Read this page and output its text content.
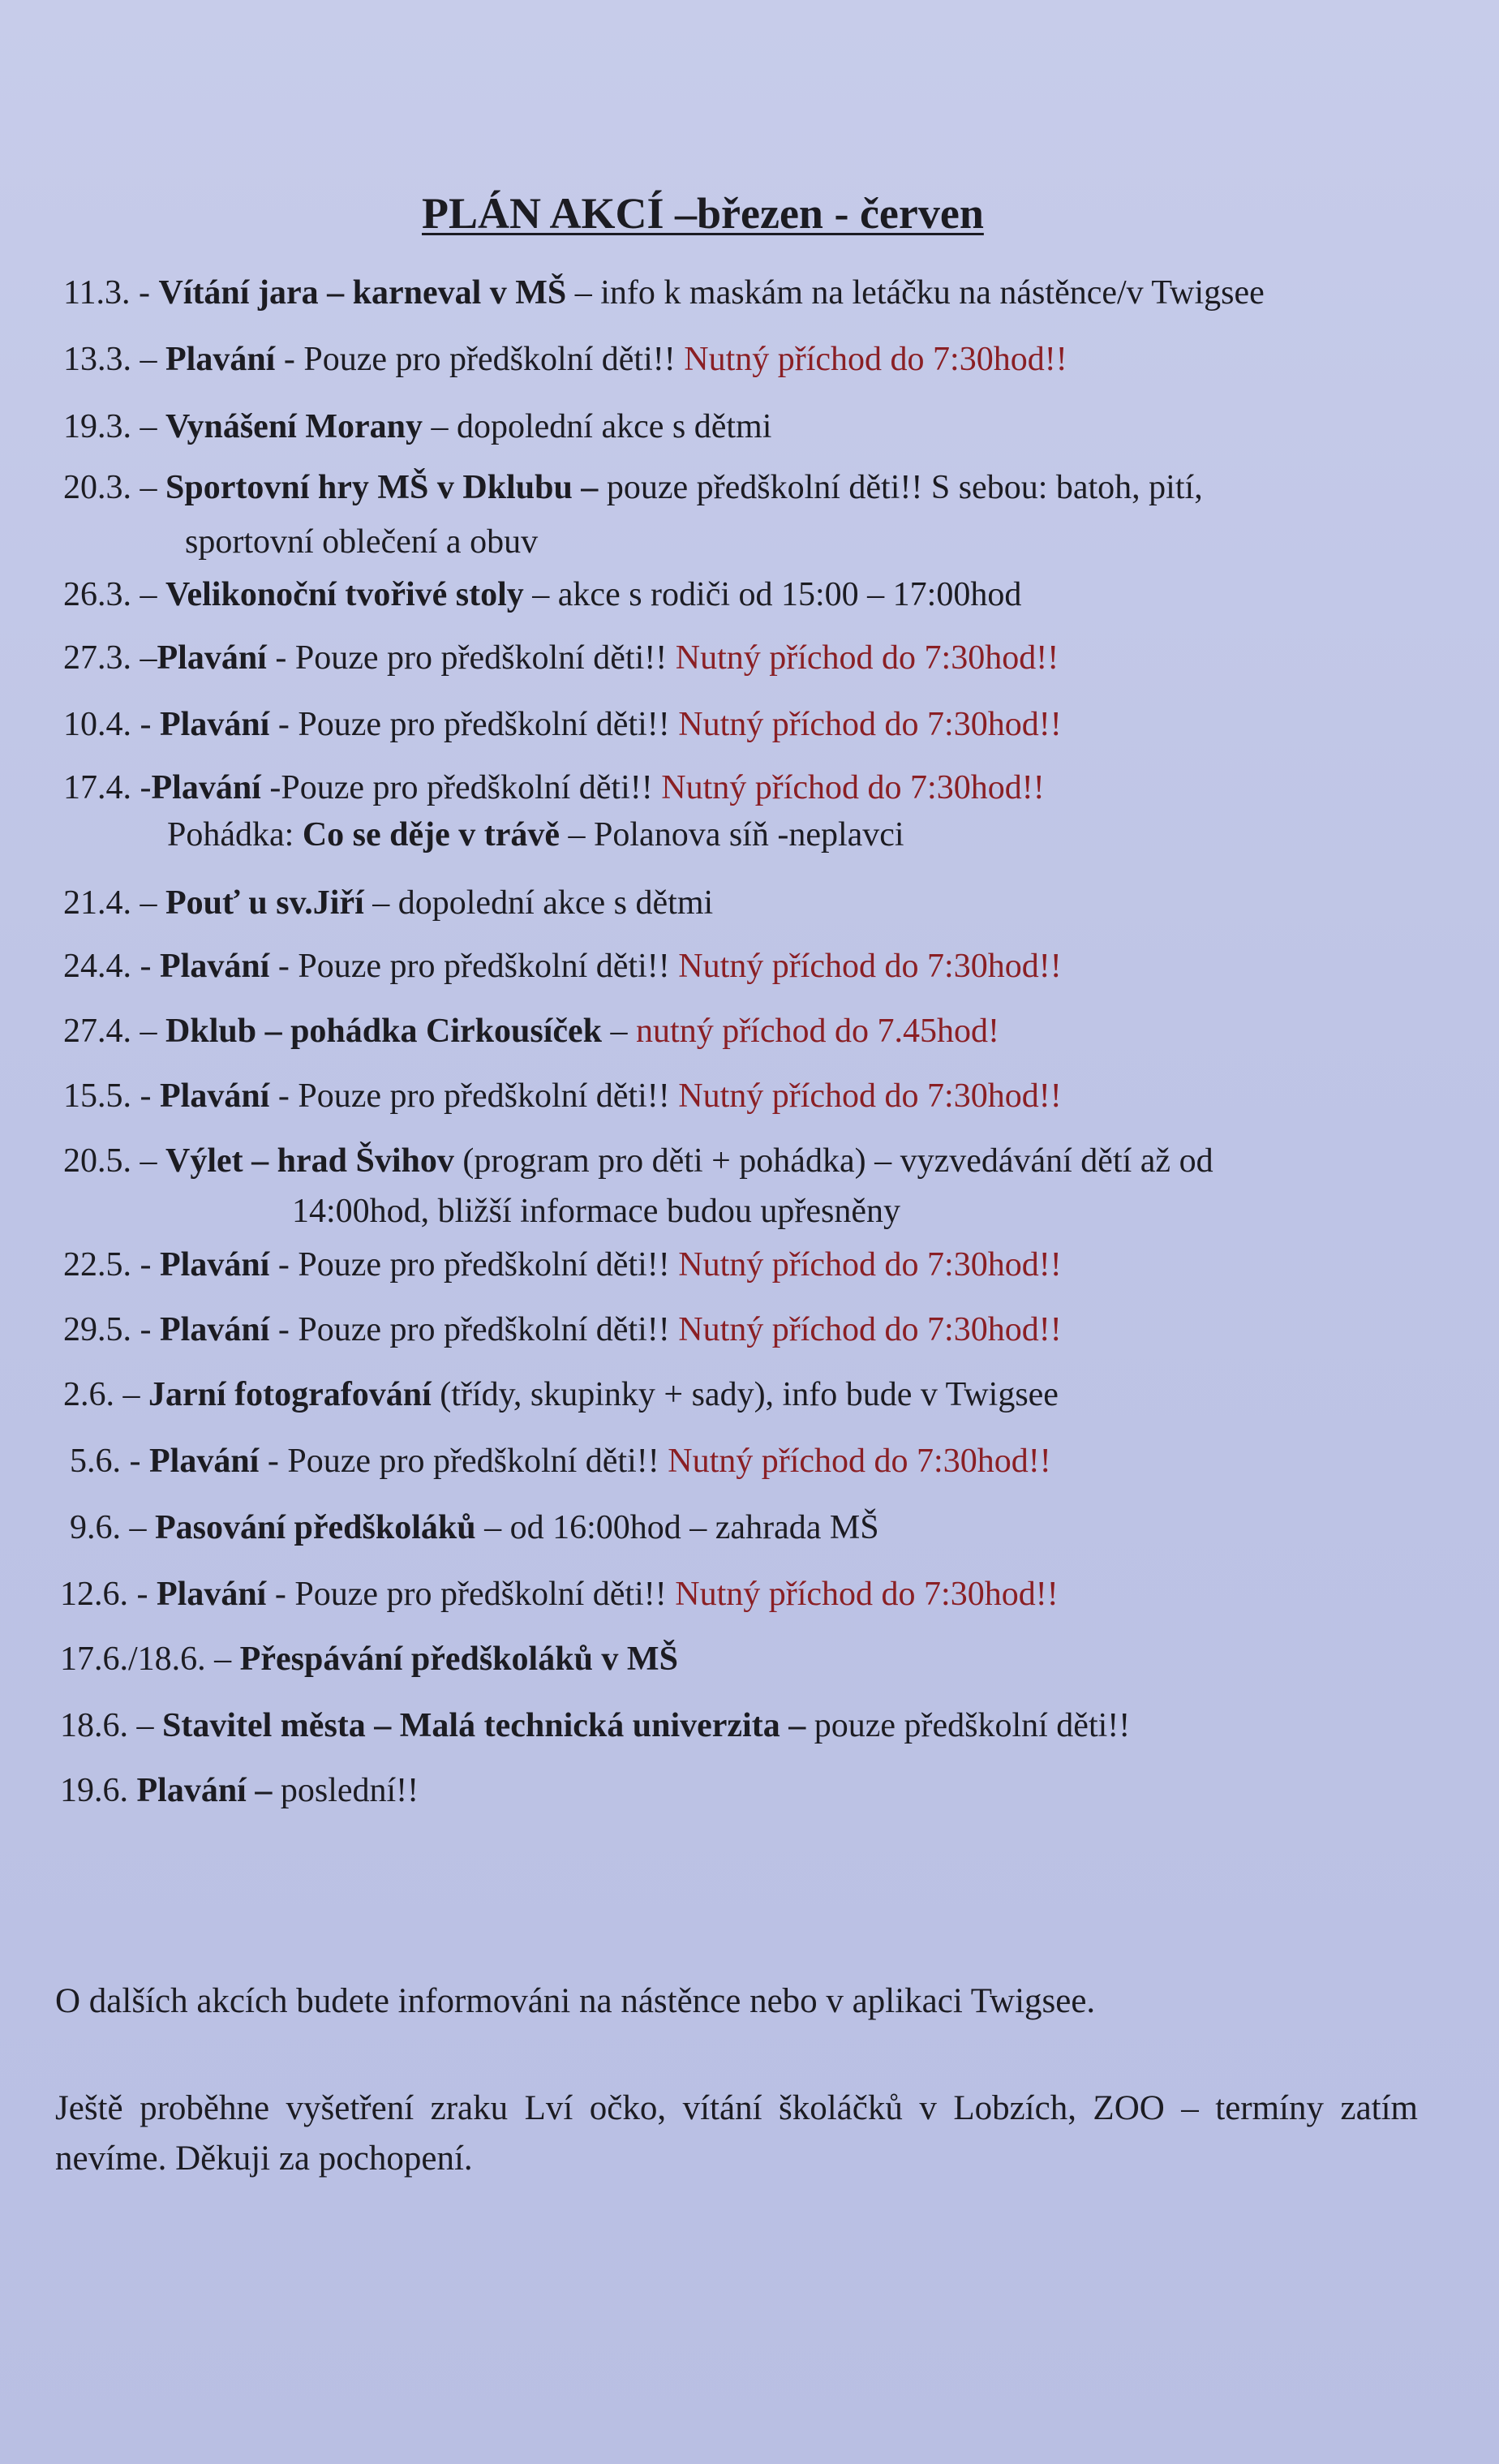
PLÁN AKCÍ –březen - červen
11.3. - Vítání jara – karneval v MŠ – info k maskám na letáčku na nástěnce/v Twigsee
13.3. – Plavání - Pouze pro předškolní děti!! Nutný příchod do 7:30hod!!
19.3. – Vynášení Morany – dopolední akce s dětmi
20.3. – Sportovní hry MŠ v Dklubu – pouze předškolní děti!! S sebou: batoh, pití,
sportovní oblečení a obuv
26.3. – Velikonoční tvořivé stoly – akce s rodiči od 15:00 – 17:00hod
27.3. –Plavání - Pouze pro předškolní děti!! Nutný příchod do 7:30hod!!
10.4. - Plavání - Pouze pro předškolní děti!! Nutný příchod do 7:30hod!!
17.4. -Plavání -Pouze pro předškolní děti!! Nutný příchod do 7:30hod!!
Pohádka: Co se děje v trávě – Polanova síň -neplavci
21.4. – Pouť u sv.Jiří – dopolední akce s dětmi
24.4. - Plavání - Pouze pro předškolní děti!! Nutný příchod do 7:30hod!!
27.4. – Dklub – pohádka Cirkousíček – nutný příchod do 7.45hod!
15.5. - Plavání - Pouze pro předškolní děti!! Nutný příchod do 7:30hod!!
20.5. – Výlet – hrad Švihov (program pro děti + pohádka) – vyzvedávání dětí až od
14:00hod, bližší informace budou upřesněny
22.5. - Plavání - Pouze pro předškolní děti!! Nutný příchod do 7:30hod!!
29.5. - Plavání - Pouze pro předškolní děti!! Nutný příchod do 7:30hod!!
2.6. – Jarní fotografování (třídy, skupinky + sady), info bude v Twigsee
5.6. - Plavání - Pouze pro předškolní děti!! Nutný příchod do 7:30hod!!
9.6. – Pasování předškoláků – od 16:00hod – zahrada MŠ
12.6. - Plavání - Pouze pro předškolní děti!! Nutný příchod do 7:30hod!!
17.6./18.6. – Přespávání předškoláků v MŠ
18.6. – Stavitel města – Malá technická univerzita – pouze předškolní děti!!
19.6. Plavání – poslední!!
O dalších akcích budete informováni na nástěnce nebo v aplikaci Twigsee.
Ještě proběhne vyšetření zraku Lví očko, vítání školáčků v Lobzích, ZOO – termíny zatím nevíme. Děkuji za pochopení.
